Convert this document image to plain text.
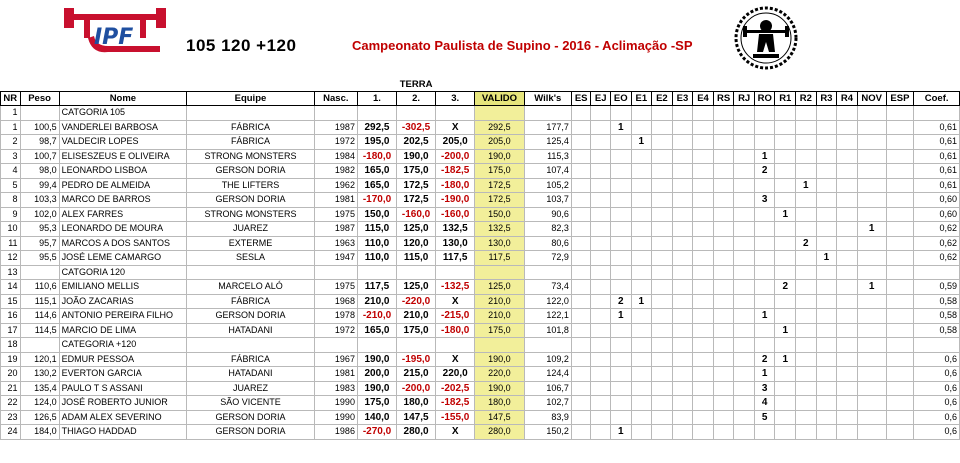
IPF	105 120 +120	Campeonato Paulista de Supino - 2016 - Aclimação -SP
					TERRA																					
NR	Peso	Nome	Equipe	Nasc.	1.	2.	3.	VALIDO	Wilk's	ES	EJ	EO	E1	E2	E3	E4	RS	RJ	RO	R1	R2	R3	R4	NOV	ESP	Coef.
1		CATGORIA 105																								
1	100,5	VANDERLEI BARBOSA	FÁBRICA	1987	292,5	-302,5	X	292,5	177,7			1														0,61
2	98,7	VALDECIR LOPES	FÁBRICA	1972	195,0	202,5	205,0	205,0	125,4				1													0,61
3	100,7	ELISESZEUS E OLIVEIRA	STRONG MONSTERS	1984	-180,0	190,0	-200,0	190,0	115,3										1							0,61
4	98,0	LEONARDO LISBOA	GERSON DORIA	1982	165,0	175,0	-182,5	175,0	107,4										2							0,61
5	99,4	PEDRO DE ALMEIDA	THE LIFTERS	1962	165,0	172,5	-180,0	172,5	105,2												1					0,61
8	103,3	MARCO DE BARROS	GERSON DORIA	1981	-170,0	172,5	-190,0	172,5	103,7										3							0,60
9	102,0	ALEX FARRES	STRONG MONSTERS	1975	150,0	-160,0	-160,0	150,0	90,6											1						0,60
10	95,3	LEONARDO DE MOURA	JUAREZ	1987	115,0	125,0	132,5	132,5	82,3															1		0,62
11	95,7	MARCOS A DOS SANTOS	EXTERME	1963	110,0	120,0	130,0	130,0	80,6												2					0,62
12	95,5	JOSÉ LEME CAMARGO	SESLA	1947	110,0	115,0	117,5	117,5	72,9													1				0,62
13		CATGORIA 120																								
14	110,6	EMILIANO MELLIS	MARCELO ALÓ	1975	117,5	125,0	-132,5	125,0	73,4											2				1		0,59
15	115,1	JOÃO ZACARIAS	FÁBRICA	1968	210,0	-220,0	X	210,0	122,0			2	1													0,58
16	114,6	ANTONIO PEREIRA FILHO	GERSON DORIA	1978	-210,0	210,0	-215,0	210,0	122,1			1							1							0,58
17	114,5	MARCIO DE LIMA	HATADANI	1972	165,0	175,0	-180,0	175,0	101,8											1						0,58
18		CATEGORIA +120																								
19	120,1	EDMUR PESSOA	FÁBRICA	1967	190,0	-195,0	X	190,0	109,2										2	1						0,6
20	130,2	EVERTON GARCIA	HATADANI	1981	200,0	215,0	220,0	220,0	124,4										1							0,6
21	135,4	PAULO T S ASSANI	JUAREZ	1983	190,0	-200,0	-202,5	190,0	106,7										3							0,6
22	124,0	JOSÉ ROBERTO JUNIOR	SÃO VICENTE	1990	175,0	180,0	-182,5	180,0	102,7										4							0,6
23	126,5	ADAM ALEX SEVERINO	GERSON DORIA	1990	140,0	147,5	-155,0	147,5	83,9										5							0,6
24	184,0	THIAGO HADDAD	GERSON DORIA	1986	-270,0	280,0	X	280,0	150,2			1														0,6
